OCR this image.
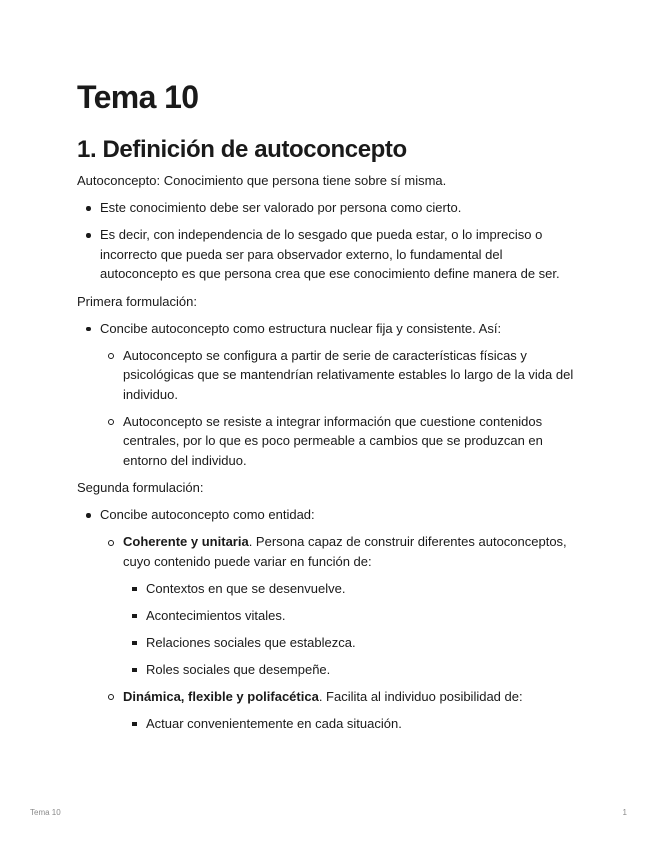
Tema 10
1. Definición de autoconcepto

Autoconcepto: Conocimiento que persona tiene sobre sí misma.

Este conocimiento debe ser valorado por persona como cierto.
Es decir, con independencia de lo sesgado que pueda estar, o lo impreciso o incorrecto que pueda ser para observador externo, lo fundamental del autoconcepto es que persona crea que ese conocimiento define manera de ser.

Primera formulación:

Concibe autoconcepto como estructura nuclear fija y consistente. Así:
Autoconcepto se configura a partir de serie de características físicas y psicológicas que se mantendrían relativamente estables lo largo de la vida del individuo.
Autoconcepto se resiste a integrar información que cuestione contenidos centrales, por lo que es poco permeable a cambios que se produzcan en entorno del individuo.

Segunda formulación:

Concibe autoconcepto como entidad:
Coherente y unitaria. Persona capaz de construir diferentes autoconceptos, cuyo contenido puede variar en función de:
Contextos en que se desenvuelve.
Acontecimientos vitales.
Relaciones sociales que establezca.
Roles sociales que desempeñe.
Dinámica, flexible y polifacética. Facilita al individuo posibilidad de:
Actuar convenientemente en cada situación.
Tema 10	1
